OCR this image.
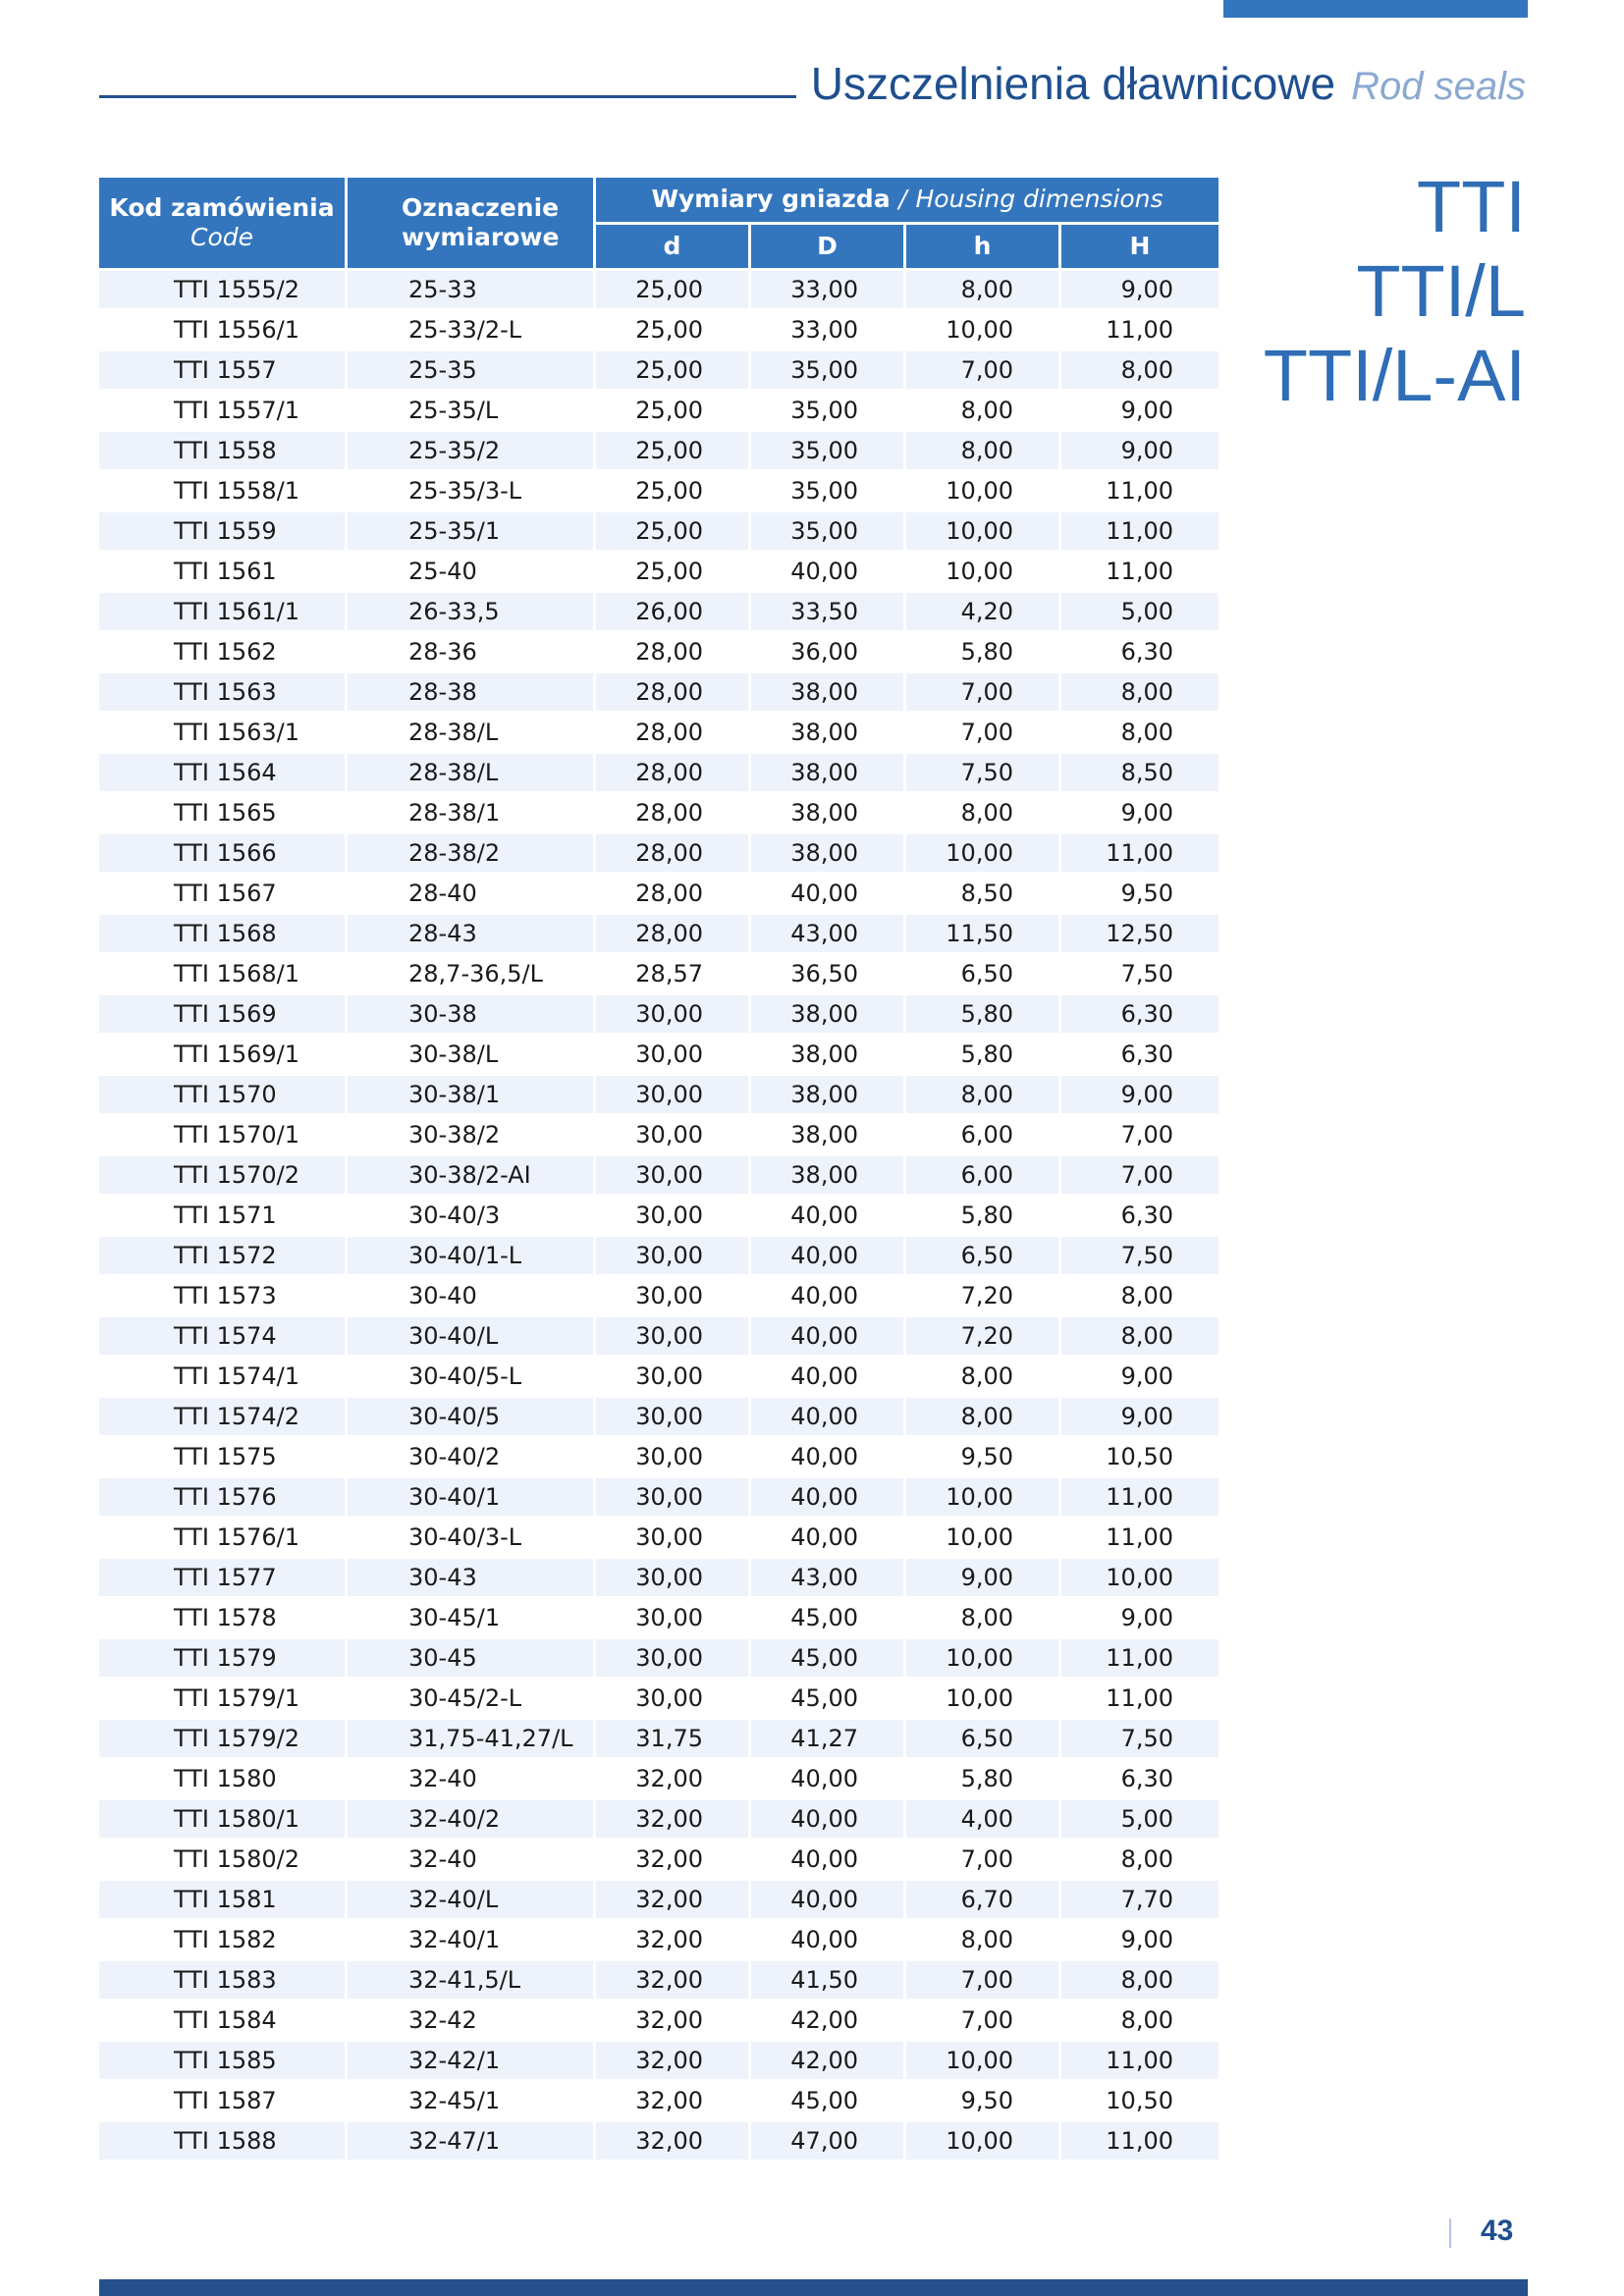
Uszczelnienia dławnicowe Rod seals
TTI
TTI/L
TTI/L-AI
Kod zamówienia
Code	Oznaczenie wymiarowe	Wymiary gniazda / Housing dimensions			
		d	D	h	H
TTI 1555/2	25-33	25,00	33,00	8,00	9,00
TTI 1556/1	25-33/2-L	25,00	33,00	10,00	11,00
TTI 1557	25-35	25,00	35,00	7,00	8,00
TTI 1557/1	25-35/L	25,00	35,00	8,00	9,00
TTI 1558	25-35/2	25,00	35,00	8,00	9,00
TTI 1558/1	25-35/3-L	25,00	35,00	10,00	11,00
TTI 1559	25-35/1	25,00	35,00	10,00	11,00
TTI 1561	25-40	25,00	40,00	10,00	11,00
TTI 1561/1	26-33,5	26,00	33,50	4,20	5,00
TTI 1562	28-36	28,00	36,00	5,80	6,30
TTI 1563	28-38	28,00	38,00	7,00	8,00
TTI 1563/1	28-38/L	28,00	38,00	7,00	8,00
TTI 1564	28-38/L	28,00	38,00	7,50	8,50
TTI 1565	28-38/1	28,00	38,00	8,00	9,00
TTI 1566	28-38/2	28,00	38,00	10,00	11,00
TTI 1567	28-40	28,00	40,00	8,50	9,50
TTI 1568	28-43	28,00	43,00	11,50	12,50
TTI 1568/1	28,7-36,5/L	28,57	36,50	6,50	7,50
TTI 1569	30-38	30,00	38,00	5,80	6,30
TTI 1569/1	30-38/L	30,00	38,00	5,80	6,30
TTI 1570	30-38/1	30,00	38,00	8,00	9,00
TTI 1570/1	30-38/2	30,00	38,00	6,00	7,00
TTI 1570/2	30-38/2-AI	30,00	38,00	6,00	7,00
TTI 1571	30-40/3	30,00	40,00	5,80	6,30
TTI 1572	30-40/1-L	30,00	40,00	6,50	7,50
TTI 1573	30-40	30,00	40,00	7,20	8,00
TTI 1574	30-40/L	30,00	40,00	7,20	8,00
TTI 1574/1	30-40/5-L	30,00	40,00	8,00	9,00
TTI 1574/2	30-40/5	30,00	40,00	8,00	9,00
TTI 1575	30-40/2	30,00	40,00	9,50	10,50
TTI 1576	30-40/1	30,00	40,00	10,00	11,00
TTI 1576/1	30-40/3-L	30,00	40,00	10,00	11,00
TTI 1577	30-43	30,00	43,00	9,00	10,00
TTI 1578	30-45/1	30,00	45,00	8,00	9,00
TTI 1579	30-45	30,00	45,00	10,00	11,00
TTI 1579/1	30-45/2-L	30,00	45,00	10,00	11,00
TTI 1579/2	31,75-41,27/L	31,75	41,27	6,50	7,50
TTI 1580	32-40	32,00	40,00	5,80	6,30
TTI 1580/1	32-40/2	32,00	40,00	4,00	5,00
TTI 1580/2	32-40	32,00	40,00	7,00	8,00
TTI 1581	32-40/L	32,00	40,00	6,70	7,70
TTI 1582	32-40/1	32,00	40,00	8,00	9,00
TTI 1583	32-41,5/L	32,00	41,50	7,00	8,00
TTI 1584	32-42	32,00	42,00	7,00	8,00
TTI 1585	32-42/1	32,00	42,00	10,00	11,00
TTI 1587	32-45/1	32,00	45,00	9,50	10,50
TTI 1588	32-47/1	32,00	47,00	10,00	11,00
43
